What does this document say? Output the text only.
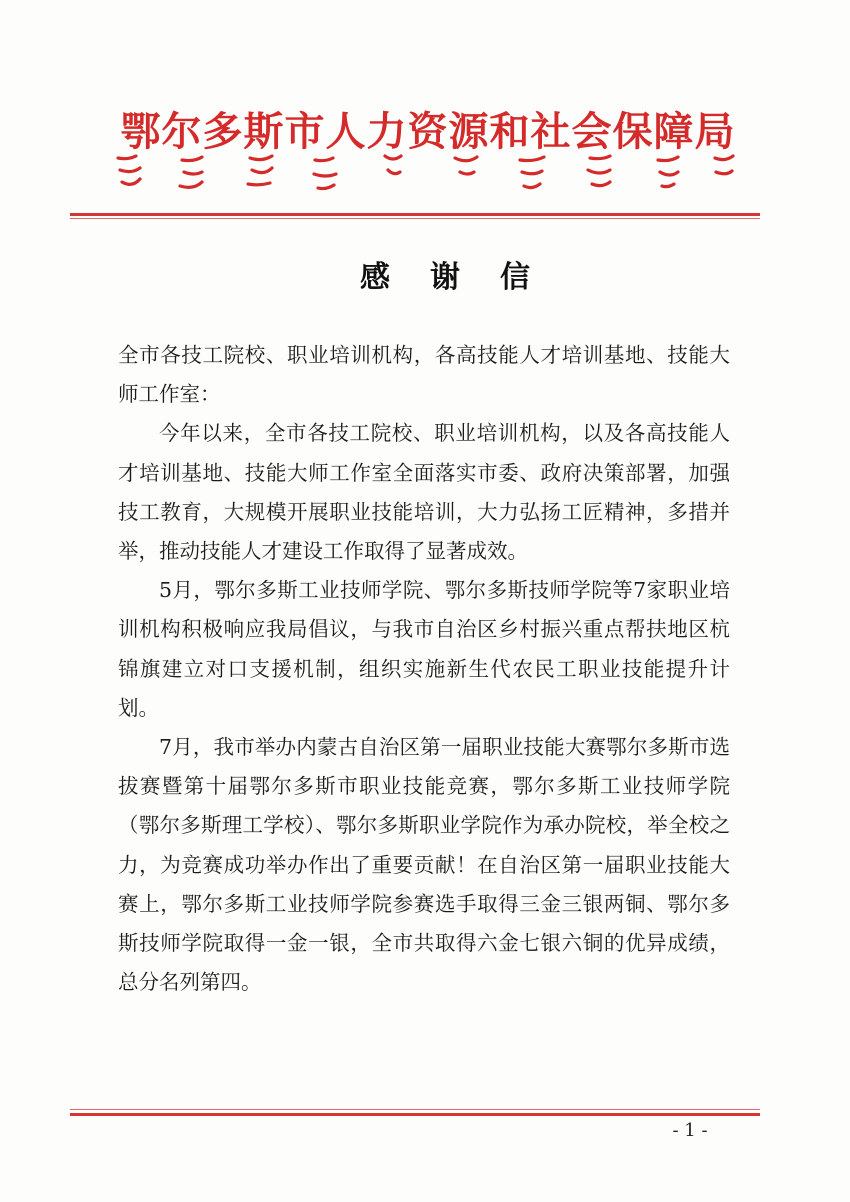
鄂尔多斯市人力资源和社会保障局
感谢信

全市各技工院校、职业培训机构，各高技能人才培训基地、技能大师工作室：

今年以来，全市各技工院校、职业培训机构，以及各高技能人才培训基地、技能大师工作室全面落实市委、政府决策部署，加强技工教育，大规模开展职业技能培训，大力弘扬工匠精神，多措并举，推动技能人才建设工作取得了显著成效。

5月，鄂尔多斯工业技师学院、鄂尔多斯技师学院等7家职业培训机构积极响应我局倡议，与我市自治区乡村振兴重点帮扶地区杭锦旗建立对口支援机制，组织实施新生代农民工职业技能提升计划。

7月，我市举办内蒙古自治区第一届职业技能大赛鄂尔多斯市选拔赛暨第十届鄂尔多斯市职业技能竞赛，鄂尔多斯工业技师学院（鄂尔多斯理工学校）、鄂尔多斯职业学院作为承办院校，举全校之力，为竞赛成功举办作出了重要贡献！在自治区第一届职业技能大赛上，鄂尔多斯工业技师学院参赛选手取得三金三银两铜、鄂尔多斯技师学院取得一金一银，全市共取得六金七银六铜的优异成绩，总分名列第四。

- 1 -
